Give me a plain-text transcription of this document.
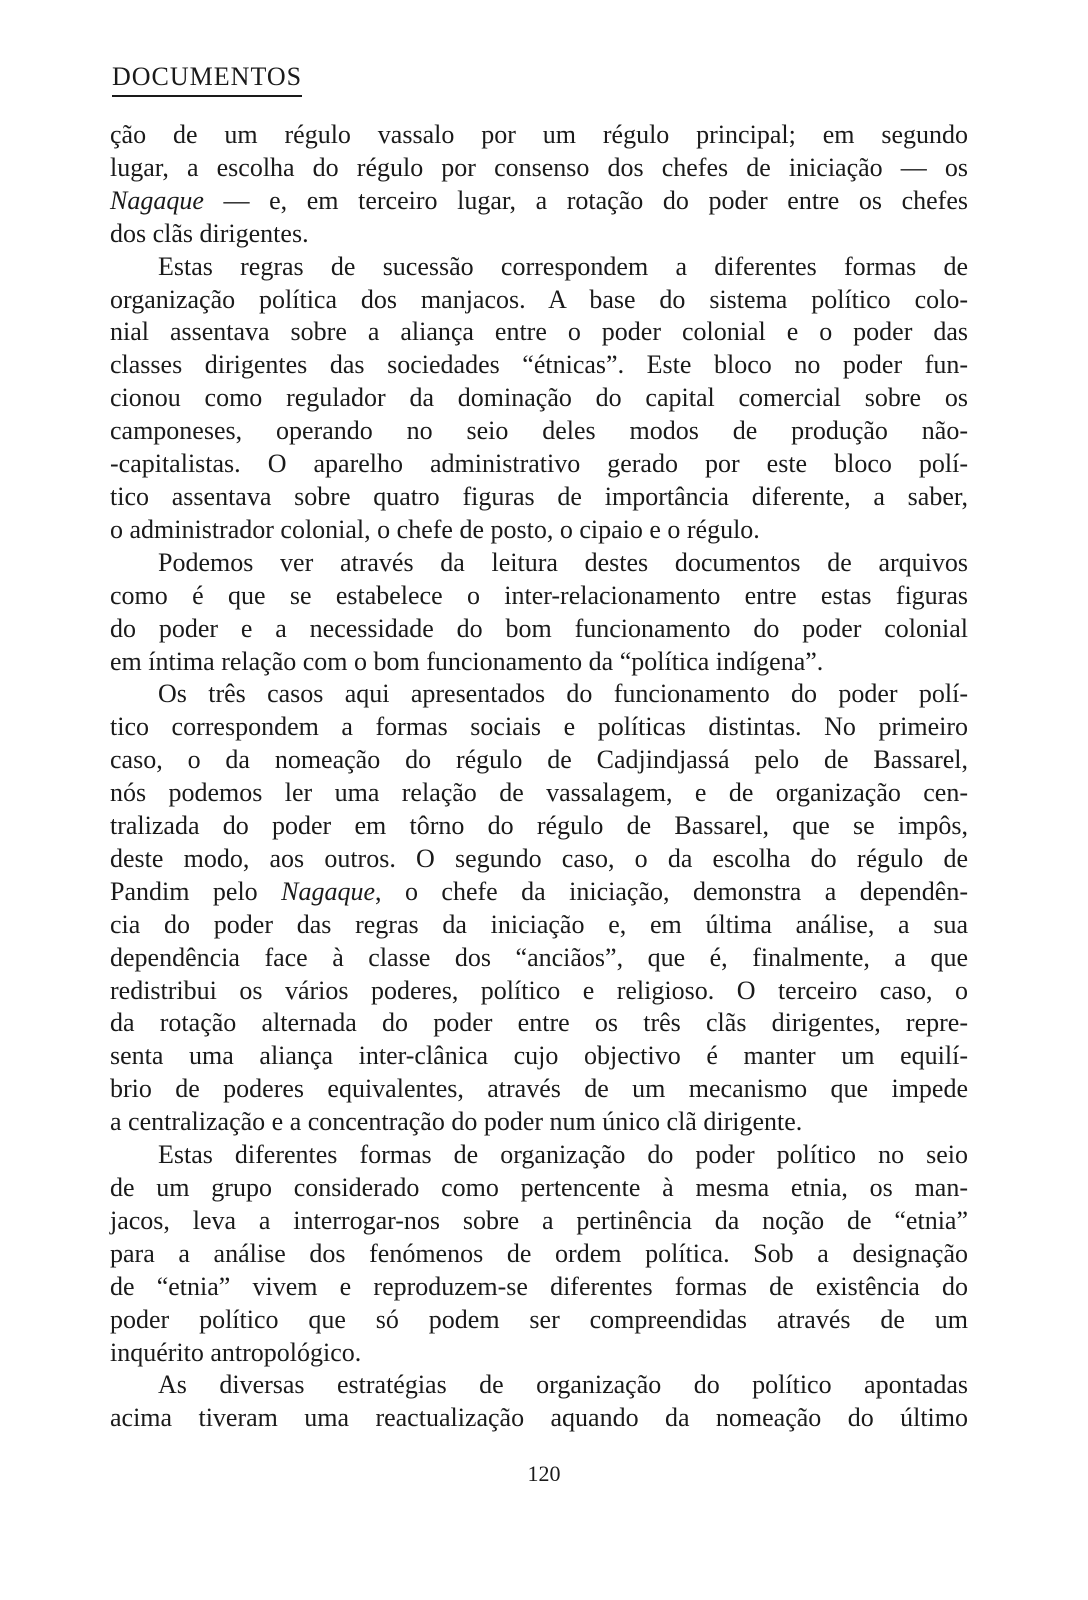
DOCUMENTOS
ção de um régulo vassalo por um régulo principal; em segundo
lugar, a escolha do régulo por consenso dos chefes de iniciação — os
Nagaque — e, em terceiro lugar, a rotação do poder entre os chefes
dos clãs dirigentes.
Estas regras de sucessão correspondem a diferentes formas de
organização política dos manjacos. A base do sistema político colo-
nial assentava sobre a aliança entre o poder colonial e o poder das
classes dirigentes das sociedades “étnicas”. Este bloco no poder fun-
cionou como regulador da dominação do capital comercial sobre os
camponeses, operando no seio deles modos de produção não-
-capitalistas. O aparelho administrativo gerado por este bloco polí-
tico assentava sobre quatro figuras de importância diferente, a saber,
o administrador colonial, o chefe de posto, o cipaio e o régulo.
Podemos ver através da leitura destes documentos de arquivos
como é que se estabelece o inter-relacionamento entre estas figuras
do poder e a necessidade do bom funcionamento do poder colonial
em íntima relação com o bom funcionamento da “política indígena”.
Os três casos aqui apresentados do funcionamento do poder polí-
tico correspondem a formas sociais e políticas distintas. No primeiro
caso, o da nomeação do régulo de Cadjindjassá pelo de Bassarel,
nós podemos ler uma relação de vassalagem, e de organização cen-
tralizada do poder em tôrno do régulo de Bassarel, que se impôs,
deste modo, aos outros. O segundo caso, o da escolha do régulo de
Pandim pelo Nagaque, o chefe da iniciação, demonstra a dependên-
cia do poder das regras da iniciação e, em última análise, a sua
dependência face à classe dos “anciãos”, que é, finalmente, a que
redistribui os vários poderes, político e religioso. O terceiro caso, o
da rotação alternada do poder entre os três clãs dirigentes, repre-
senta uma aliança inter-clânica cujo objectivo é manter um equilí-
brio de poderes equivalentes, através de um mecanismo que impede
a centralização e a concentração do poder num único clã dirigente.
Estas diferentes formas de organização do poder político no seio
de um grupo considerado como pertencente à mesma etnia, os man-
jacos, leva a interrogar-nos sobre a pertinência da noção de “etnia”
para a análise dos fenómenos de ordem política. Sob a designação
de “etnia” vivem e reproduzem-se diferentes formas de existência do
poder político que só podem ser compreendidas através de um
inquérito antropológico.
As diversas estratégias de organização do político apontadas
acima tiveram uma reactualização aquando da nomeação do último
120
